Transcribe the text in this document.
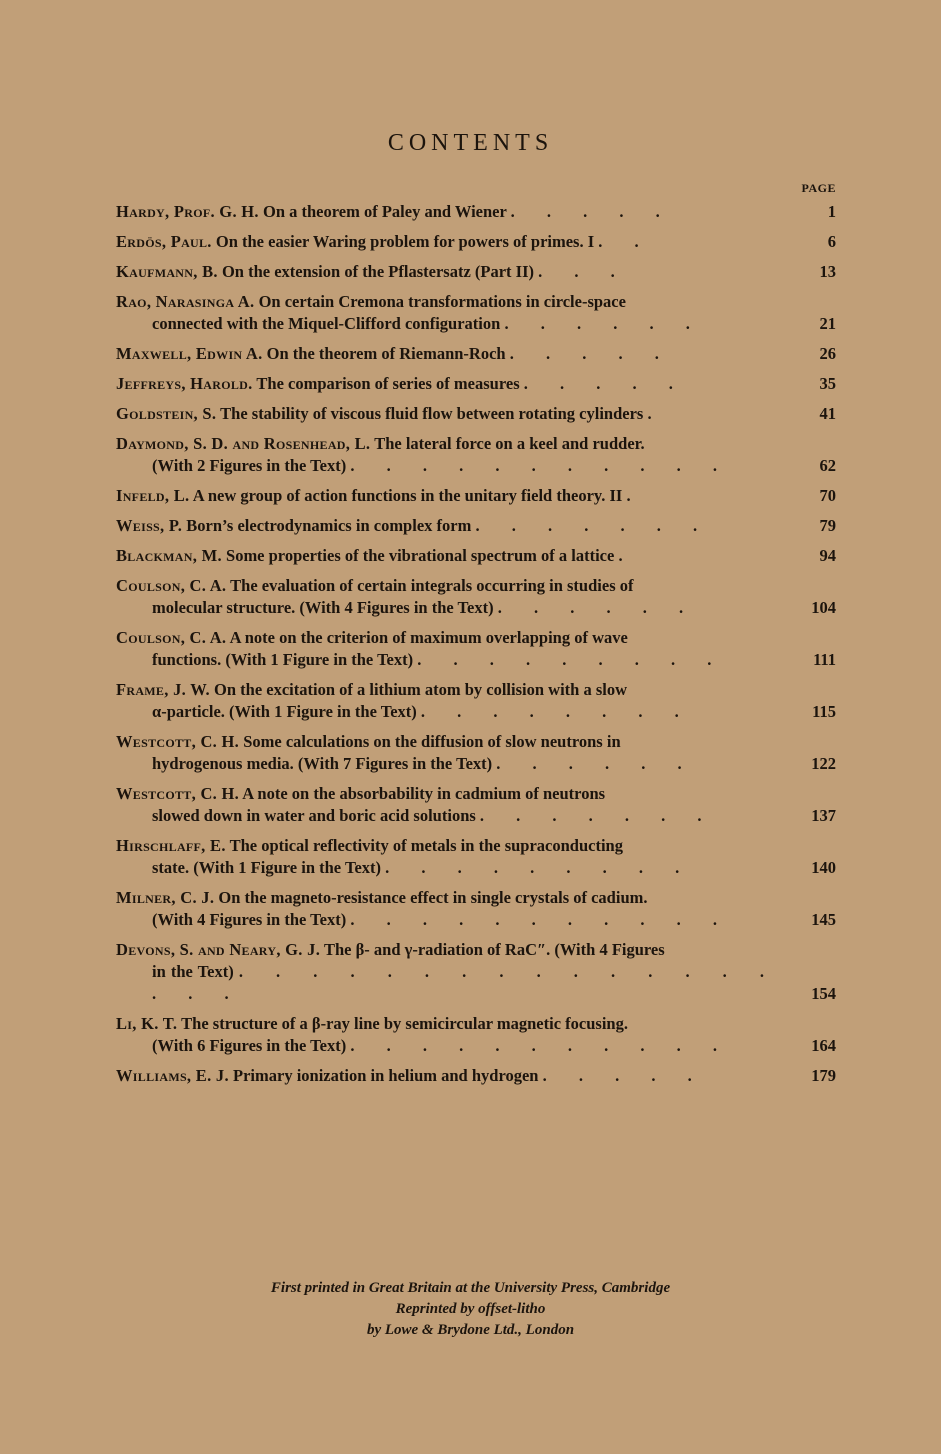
CONTENTS
PAGE
Hardy, Prof. G. H. On a theorem of Paley and Wiener . . . . .	1
Erdös, Paul. On the easier Waring problem for powers of primes. I . .	6
Kaufmann, B. On the extension of the Pflastersatz (Part II) . . .	13
Rao, Narasinga A. On certain Cremona transformations in circle-space
connected with the Miquel-Clifford configuration . . . . . .	21
Maxwell, Edwin A. On the theorem of Riemann-Roch . . . . .	26
Jeffreys, Harold. The comparison of series of measures . . . . .	35
Goldstein, S. The stability of viscous fluid flow between rotating cylinders .	41
Daymond, S. D. and Rosenhead, L. The lateral force on a keel and rudder.
(With 2 Figures in the Text) . . . . . . . . . . .	62
Infeld, L. A new group of action functions in the unitary field theory. II .	70
Weiss, P. Born’s electrodynamics in complex form . . . . . . .	79
Blackman, M. Some properties of the vibrational spectrum of a lattice .	94
Coulson, C. A. The evaluation of certain integrals occurring in studies of
molecular structure. (With 4 Figures in the Text) . . . . . .	104
Coulson, C. A. A note on the criterion of maximum overlapping of wave
functions. (With 1 Figure in the Text) . . . . . . . . .	111
Frame, J. W. On the excitation of a lithium atom by collision with a slow
α-particle. (With 1 Figure in the Text) . . . . . . . .	115
Westcott, C. H. Some calculations on the diffusion of slow neutrons in
hydrogenous media. (With 7 Figures in the Text) . . . . . .	122
Westcott, C. H. A note on the absorbability in cadmium of neutrons
slowed down in water and boric acid solutions . . . . . . .	137
Hirschlaff, E. The optical reflectivity of metals in the supraconducting
state. (With 1 Figure in the Text) . . . . . . . . .	140
Milner, C. J. On the magneto-resistance effect in single crystals of cadium.
(With 4 Figures in the Text) . . . . . . . . . . .	145
Devons, S. and Neary, G. J. The β- and γ-radiation of RaC″. (With 4 Figures
in the Text) . . . . . . . . . . . . . . . . . .	154
Li, K. T. The structure of a β-ray line by semicircular magnetic focusing.
(With 6 Figures in the Text) . . . . . . . . . . .	164
Williams, E. J. Primary ionization in helium and hydrogen . . . . .	179
First printed in Great Britain at the University Press, Cambridge
Reprinted by offset-litho
by Lowe & Brydone Ltd., London
